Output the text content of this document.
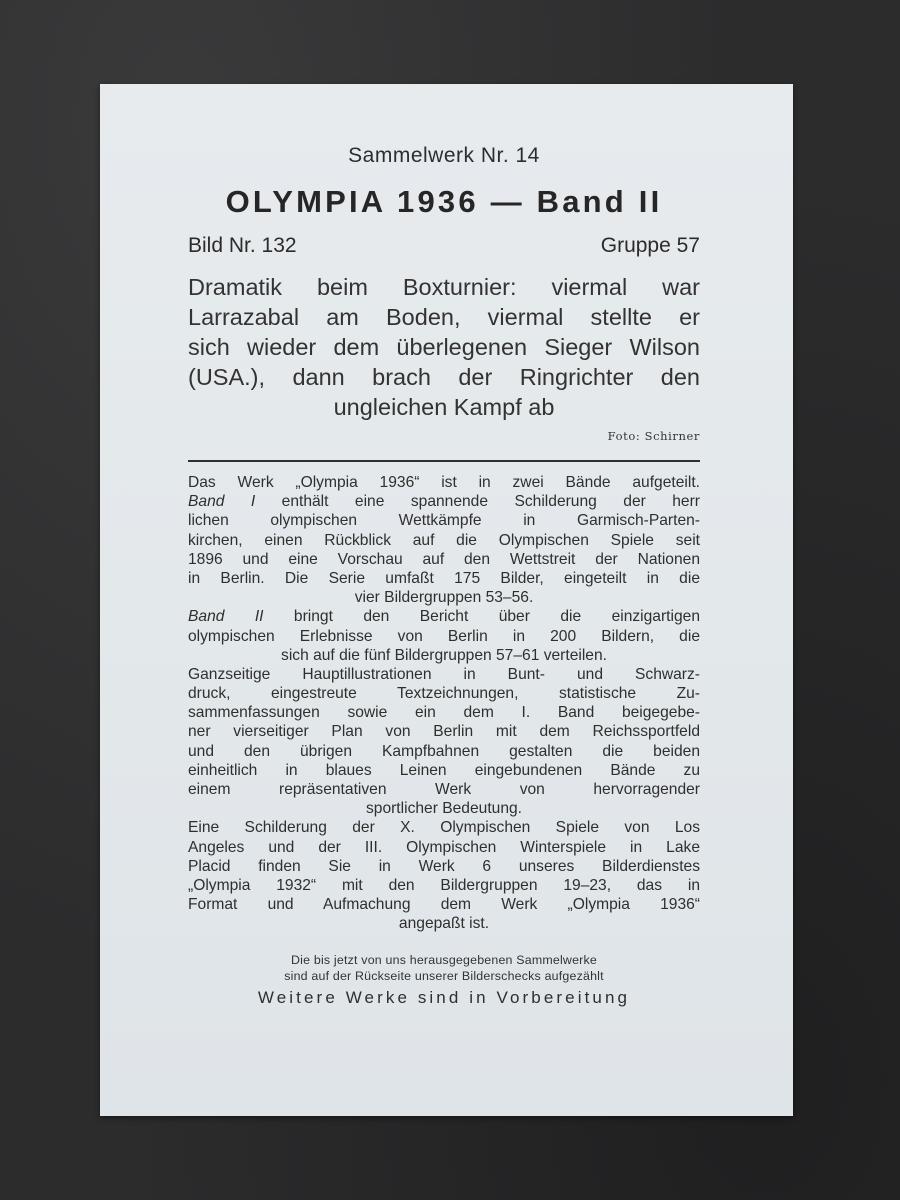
Sammelwerk Nr. 14
OLYMPIA 1936 — Band II
Bild Nr. 132	Gruppe 57
Dramatik beim Boxturnier: viermal war
Larrazabal am Boden, viermal stellte er
sich wieder dem überlegenen Sieger Wilson
(USA.), dann brach der Ringrichter den
ungleichen Kampf ab
Foto: Schirner
Das Werk „Olympia 1936“ ist in zwei Bände aufgeteilt.
Band I enthält eine spannende Schilderung der herr
lichen olympischen Wettkämpfe in Garmisch-Parten-
kirchen, einen Rückblick auf die Olympischen Spiele seit
1896 und eine Vorschau auf den Wettstreit der Nationen
in Berlin. Die Serie umfaßt 175 Bilder, eingeteilt in die
vier Bildergruppen 53–56.
Band II bringt den Bericht über die einzigartigen
olympischen Erlebnisse von Berlin in 200 Bildern, die
sich auf die fünf Bildergruppen 57–61 verteilen.
Ganzseitige Hauptillustrationen in Bunt- und Schwarz-
druck, eingestreute Textzeichnungen, statistische Zu-
sammenfassungen sowie ein dem I. Band beigegebe-
ner vierseitiger Plan von Berlin mit dem Reichssportfeld
und den übrigen Kampfbahnen gestalten die beiden
einheitlich in blaues Leinen eingebundenen Bände zu
einem repräsentativen Werk von hervorragender
sportlicher Bedeutung.
Eine Schilderung der X. Olympischen Spiele von Los
Angeles und der III. Olympischen Winterspiele in Lake
Placid finden Sie in Werk 6 unseres Bilderdienstes
„Olympia 1932“ mit den Bildergruppen 19–23, das in
Format und Aufmachung dem Werk „Olympia 1936“
angepaßt ist.
Die bis jetzt von uns herausgegebenen Sammelwerke
sind auf der Rückseite unserer Bilderschecks aufgezählt
Weitere Werke sind in Vorbereitung
